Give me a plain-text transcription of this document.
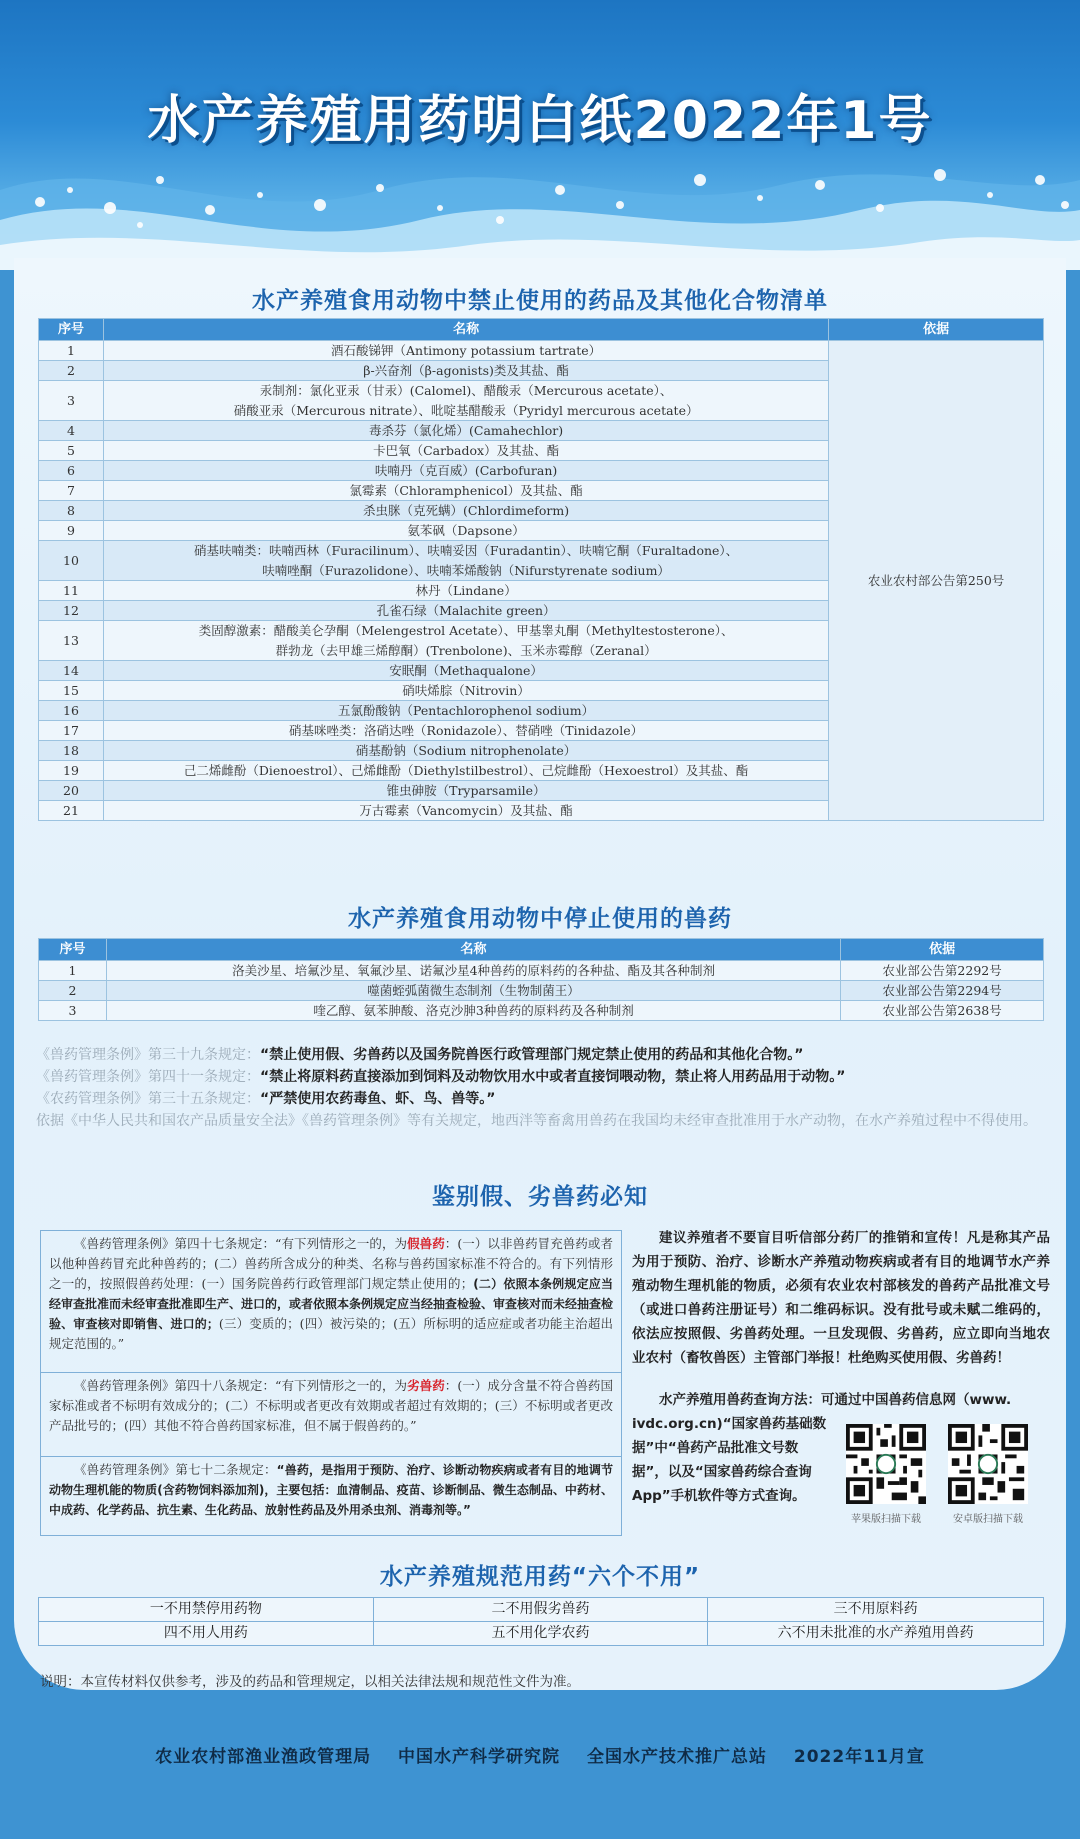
水产养殖用药明白纸2022年1号
水产养殖食用动物中禁止使用的药品及其他化合物清单
序号	名称	依据
1	酒石酸锑钾（Antimony potassium tartrate）	农业农村部公告第250号
2	β-兴奋剂（β-agonists)类及其盐、酯	
3	汞制剂：氯化亚汞（甘汞）(Calomel)、醋酸汞（Mercurous acetate）、	
	硝酸亚汞（Mercurous nitrate）、吡啶基醋酸汞（Pyridyl mercurous acetate）	
4	毒杀芬（氯化烯）(Camahechlor)	
5	卡巴氧（Carbadox）及其盐、酯	
6	呋喃丹（克百威）(Carbofuran)	
7	氯霉素（Chloramphenicol）及其盐、酯	
8	杀虫脒（克死螨）(Chlordimeform)	
9	氨苯砜（Dapsone）	
10	硝基呋喃类：呋喃西林（Furacilinum）、呋喃妥因（Furadantin）、呋喃它酮（Furaltadone）、	
	呋喃唑酮（Furazolidone）、呋喃苯烯酸钠（Nifurstyrenate sodium）	
11	林丹（Lindane）	
12	孔雀石绿（Malachite green）	
13	类固醇激素：醋酸美仑孕酮（Melengestrol Acetate）、甲基睾丸酮（Methyltestosterone）、	
	群勃龙（去甲雄三烯醇酮）(Trenbolone)、玉米赤霉醇（Zeranal）	
14	安眠酮（Methaqualone）	
15	硝呋烯腙（Nitrovin）	
16	五氯酚酸钠（Pentachlorophenol sodium）	
17	硝基咪唑类：洛硝达唑（Ronidazole）、替硝唑（Tinidazole）	
18	硝基酚钠（Sodium nitrophenolate）	
19	己二烯雌酚（Dienoestrol）、己烯雌酚（Diethylstilbestrol）、己烷雌酚（Hexoestrol）及其盐、酯	
20	锥虫砷胺（Tryparsamile）	
21	万古霉素（Vancomycin）及其盐、酯	
水产养殖食用动物中停止使用的兽药
序号	名称	依据
1	洛美沙星、培氟沙星、氧氟沙星、诺氟沙星4种兽药的原料药的各种盐、酯及其各种制剂	农业部公告第2292号
2	噬菌蛭弧菌微生态制剂（生物制菌王）	农业部公告第2294号
3	喹乙醇、氨苯胂酸、洛克沙胂3种兽药的原料药及各种制剂	农业部公告第2638号
《兽药管理条例》第三十九条规定：“禁止使用假、劣兽药以及国务院兽医行政管理部门规定禁止使用的药品和其他化合物。”
《兽药管理条例》第四十一条规定：“禁止将原料药直接添加到饲料及动物饮用水中或者直接饲喂动物，禁止将人用药品用于动物。”
《农药管理条例》第三十五条规定：“严禁使用农药毒鱼、虾、鸟、兽等。”
依据《中华人民共和国农产品质量安全法》《兽药管理条例》等有关规定，地西泮等畜禽用兽药在我国均未经审查批准用于水产动物，在水产养殖过程中不得使用。
鉴别假、劣兽药必知
《兽药管理条例》第四十七条规定：“有下列情形之一的，为假兽药：(一）以非兽药冒充兽药或者以他种兽药冒充此种兽药的；(二）兽药所含成分的种类、名称与兽药国家标准不符合的。有下列情形之一的，按照假兽药处理：(一）国务院兽药行政管理部门规定禁止使用的；(二）依照本条例规定应当经审查批准而未经审查批准即生产、进口的，或者依照本条例规定应当经抽查检验、审查核对而未经抽查检验、审查核对即销售、进口的；(三）变质的；(四）被污染的；(五）所标明的适应症或者功能主治超出规定范围的。”
《兽药管理条例》第四十八条规定：“有下列情形之一的，为劣兽药：(一）成分含量不符合兽药国家标准或者不标明有效成分的；(二）不标明或者更改有效期或者超过有效期的；(三）不标明或者更改产品批号的；(四）其他不符合兽药国家标准，但不属于假兽药的。”
《兽药管理条例》第七十二条规定：“兽药，是指用于预防、治疗、诊断动物疾病或者有目的地调节动物生理机能的物质(含药物饲料添加剂)，主要包括：血清制品、疫苗、诊断制品、微生态制品、中药材、中成药、化学药品、抗生素、生化药品、放射性药品及外用杀虫剂、消毒剂等。”
建议养殖者不要盲目听信部分药厂的推销和宣传！凡是称其产品为用于预防、治疗、诊断水产养殖动物疾病或者有目的地调节水产养殖动物生理机能的物质，必须有农业农村部核发的兽药产品批准文号（或进口兽药注册证号）和二维码标识。没有批号或未赋二维码的，依法应按照假、劣兽药处理。一旦发现假、劣兽药，应立即向当地农业农村（畜牧兽医）主管部门举报！杜绝购买使用假、劣兽药！
水产养殖用兽药查询方法：可通过中国兽药信息网（www.
ivdc.org.cn)“国家兽药基础数据”中“兽药产品批准文号数据”，以及“国家兽药综合查询App”手机软件等方式查询。
苹果版扫描下载	安卓版扫描下载
水产养殖规范用药“六个不用”
一不用禁停用药物	二不用假劣兽药	三不用原料药
四不用人用药	五不用化学农药	六不用未批准的水产养殖用兽药
说明：本宣传材料仅供参考，涉及的药品和管理规定，以相关法律法规和规范性文件为准。
农业农村部渔业渔政管理局 中国水产科学研究院 全国水产技术推广总站 2022年11月宣
